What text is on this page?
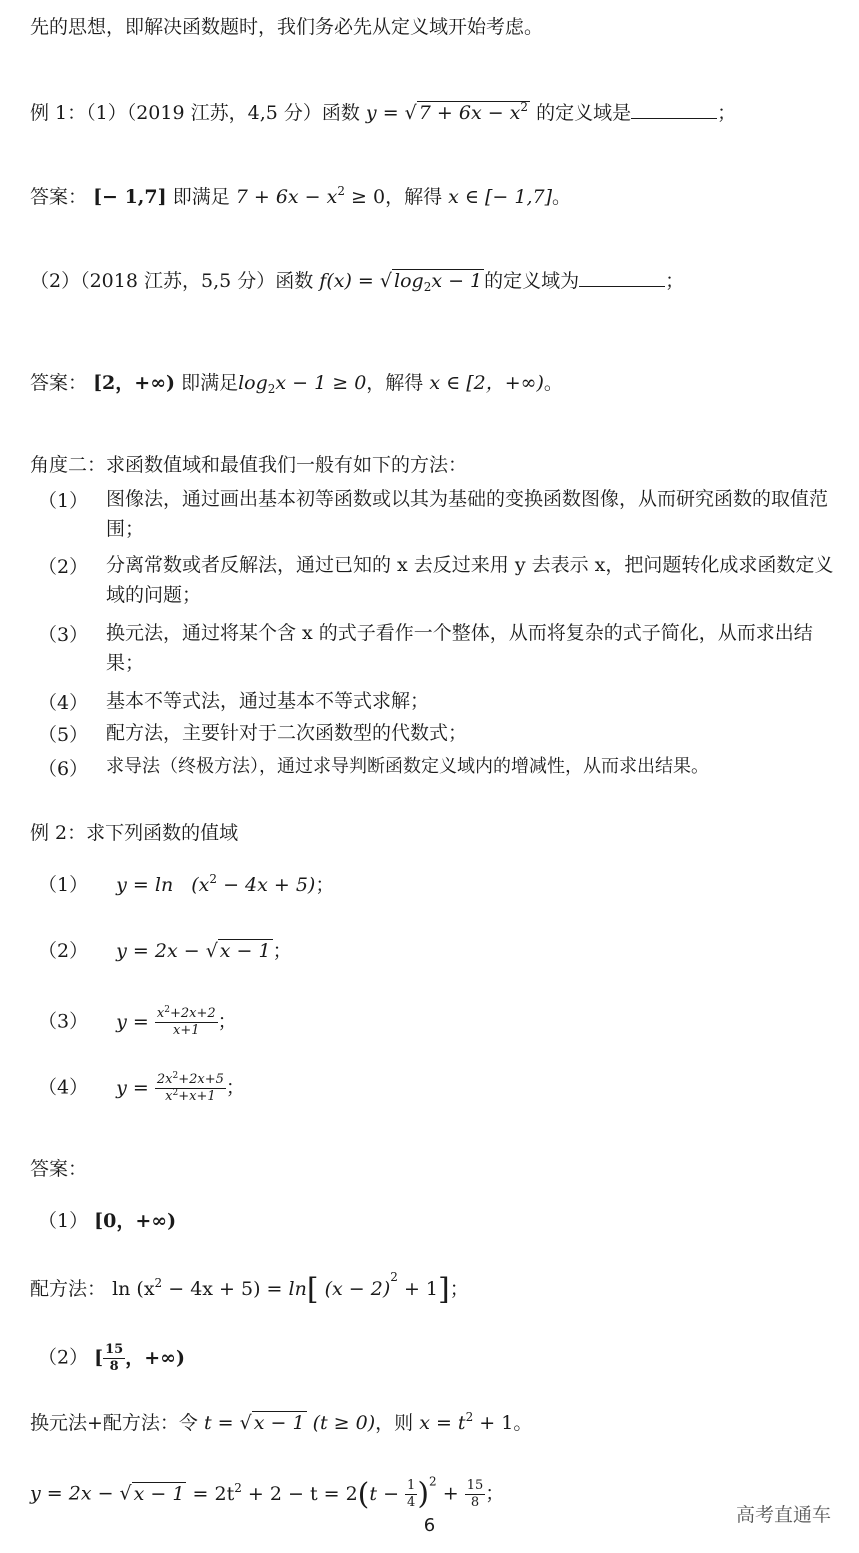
先的思想，即解决函数题时，我们务必先从定义域开始考虑。
例 1：（1）（2019 江苏，4,5 分）函数 y = √ $7 + 6x - x^2$ 的定义域是	；
答案： [− 1,7] 即满足 $7 + 6x - x^2 \ge 0$，解得 x ∈ [− 1,7]。
（2）（2018 江苏，5,5 分）函数 f(x) = √ $\log_2x - 1$ 的定义域为	；
答案： [2，+∞) 即满足$\log_2x - 1 \ge 0$，解得 x ∈ [2，+∞)。
角度二：求函数值域和最值我们一般有如下的方法：
（1） 图像法，通过画出基本初等函数或以其为基础的变换函数图像，从而研究函数的取值范围；
（2） 分离常数或者反解法，通过已知的 x 去反过来用 y 去表示 x，把问题转化成求函数定义域的问题；
（3） 换元法，通过将某个含 x 的式子看作一个整体，从而将复杂的式子简化，从而求出结果；
（4） 基本不等式法，通过基本不等式求解；
（5） 配方法，主要针对于二次函数型的代数式；
（6） 求导法（终极方法），通过求导判断函数定义域内的增减性，从而求出结果。
例 2：求下列函数的值域
（1） $y = \ln (x^2 - 4x + 5)$；
（2） y = 2x − √ x − 1 ；
（3） $y = \frac{x^2+2x+2}{x+1}$ ；
（4） $y = \frac{2x^2+2x+5}{x^2+x+1}$ ；
答案：
（1） [0，+∞)
配方法： $\ln (x^2 - 4x + 5) = \ln$[ $(x - 2)^2 + 1$]；
（2） [ $\frac{15}{8}$ ，+∞)
换元法+配方法：令 t = √ x − 1 (t ≥ 0)，则 $x = t^2 + 1$。
y = 2x − √ $x - 1 = 2t^2 + 2 - t = 2(t - \frac{1}{4} )^2 + \frac{15}{8}$ ；
6	高考直通车
